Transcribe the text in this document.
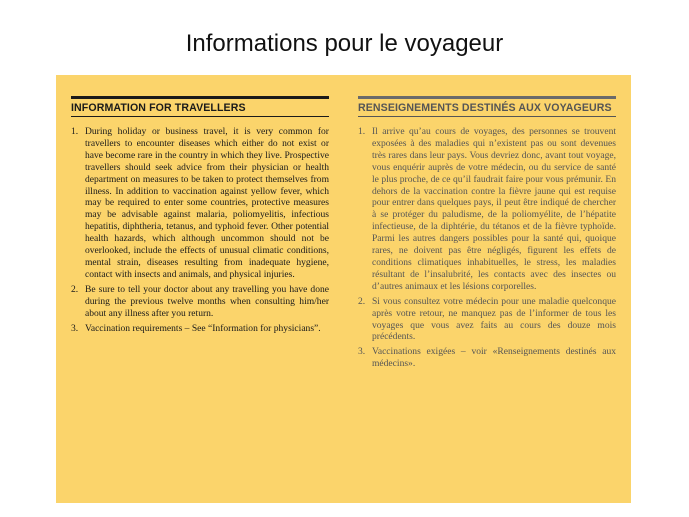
Informations pour le voyageur
INFORMATION FOR TRAVELLERS
1. During holiday or business travel, it is very common for travellers to encounter diseases which either do not exist or have become rare in the country in which they live. Prospective travellers should seek advice from their physician or health department on measures to be taken to protect themselves from illness. In addition to vaccination against yellow fever, which may be required to enter some countries, protective measures may be advisable against malaria, poliomyelitis, infectious hepatitis, diphtheria, tetanus, and typhoid fever. Other potential health hazards, which although uncommon should not be overlooked, include the effects of unusual climatic conditions, mental strain, diseases resulting from inadequate hygiene, contact with insects and animals, and physical injuries.
2. Be sure to tell your doctor about any travelling you have done during the previous twelve months when consulting him/her about any illness after you return.
3. Vaccination requirements – See “Information for physicians”.
RENSEIGNEMENTS DESTINÉS AUX VOYAGEURS
1. Il arrive qu’au cours de voyages, des personnes se trouvent exposées à des maladies qui n’existent pas ou sont devenues très rares dans leur pays. Vous devriez donc, avant tout voyage, vous enquérir auprès de votre médecin, ou du service de santé le plus proche, de ce qu’il faudrait faire pour vous prémunir. En dehors de la vaccination contre la fièvre jaune qui est requise pour entrer dans quelques pays, il peut être indiqué de chercher à se protéger du paludisme, de la poliomyélite, de l’hépatite infectieuse, de la diphtérie, du tétanos et de la fièvre typhoïde. Parmi les autres dangers possibles pour la santé qui, quoique rares, ne doivent pas être négligés, figurent les effets de conditions climatiques inhabituelles, le stress, les maladies résultant de l’insalubrité, les contacts avec des insectes ou d’autres animaux et les lésions corporelles.
2. Si vous consultez votre médecin pour une maladie quelconque après votre retour, ne manquez pas de l’informer de tous les voyages que vous avez faits au cours des douze mois précédents.
3. Vaccinations exigées – voir «Renseignements destinés aux médecins».
